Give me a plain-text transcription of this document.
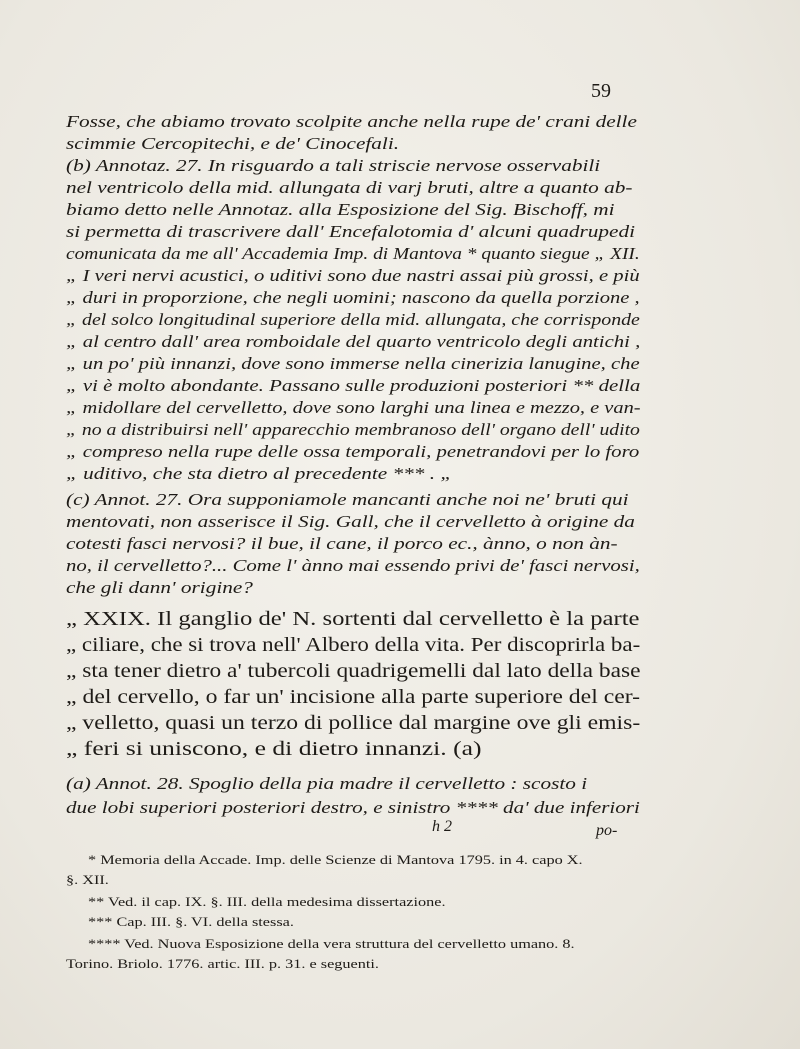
59
Fosse, che abiamo trovato scolpite anche nella rupe de' crani delle
scimmie Cercopitechi, e de' Cinocefali.
(b) Annotaz. 27. In risguardo a tali striscie nervose osservabili
nel ventricolo della mid. allungata di varj bruti, altre a quanto ab-
biamo detto nelle Annotaz. alla Esposizione del Sig. Bischoff, mi
si permetta di trascrivere dall' Encefalotomia d' alcuni quadrupedi
comunicata da me all' Accademia Imp. di Mantova * quanto siegue „ XII.
„ I veri nervi acustici, o uditivi sono due nastri assai più grossi, e più
„ duri in proporzione, che negli uomini; nascono da quella porzione ,
„ del solco longitudinal superiore della mid. allungata, che corrisponde
„ al centro dall' area romboidale del quarto ventricolo degli antichi ,
„ un po' più innanzi, dove sono immerse nella cinerizia lanugine, che
„ vi è molto abondante. Passano sulle produzioni posteriori ** della
„ midollare del cervelletto, dove sono larghi una linea e mezzo, e van-
„ no a distribuirsi nell' apparecchio membranoso dell' organo dell' udito
„ compreso nella rupe delle ossa temporali, penetrandovi per lo foro
„ uditivo, che sta dietro al precedente *** . „
(c) Annot. 27. Ora supponiamole mancanti anche noi ne' bruti qui
mentovati, non asserisce il Sig. Gall, che il cervelletto à origine da
cotesti fasci nervosi? il bue, il cane, il porco ec., ànno, o non àn-
no, il cervelletto?... Come l' ànno mai essendo privi de' fasci nervosi,
che gli dann' origine?
„ XXIX. Il ganglio de' N. sortenti dal cervelletto è la parte
„ ciliare, che si trova nell' Albero della vita. Per discoprirla ba-
„ sta tener dietro a' tubercoli quadrigemelli dal lato della base
„ del cervello, o far un' incisione alla parte superiore del cer-
„ velletto, quasi un terzo di pollice dal margine ove gli emis-
„ feri si uniscono, e di dietro innanzi. (a)
(a) Annot. 28. Spoglio della pia madre il cervelletto : scosto i
due lobi superiori posteriori destro, e sinistro **** da' due inferiori
h 2	po-
* Memoria della Accade. Imp. delle Scienze di Mantova 1795. in 4. capo X.
§. XII.
** Ved. il cap. IX. §. III. della medesima dissertazione.
*** Cap. III. §. VI. della stessa.
**** Ved. Nuova Esposizione della vera struttura del cervelletto umano. 8.
Torino. Briolo. 1776. artic. III. p. 31. e seguenti.
